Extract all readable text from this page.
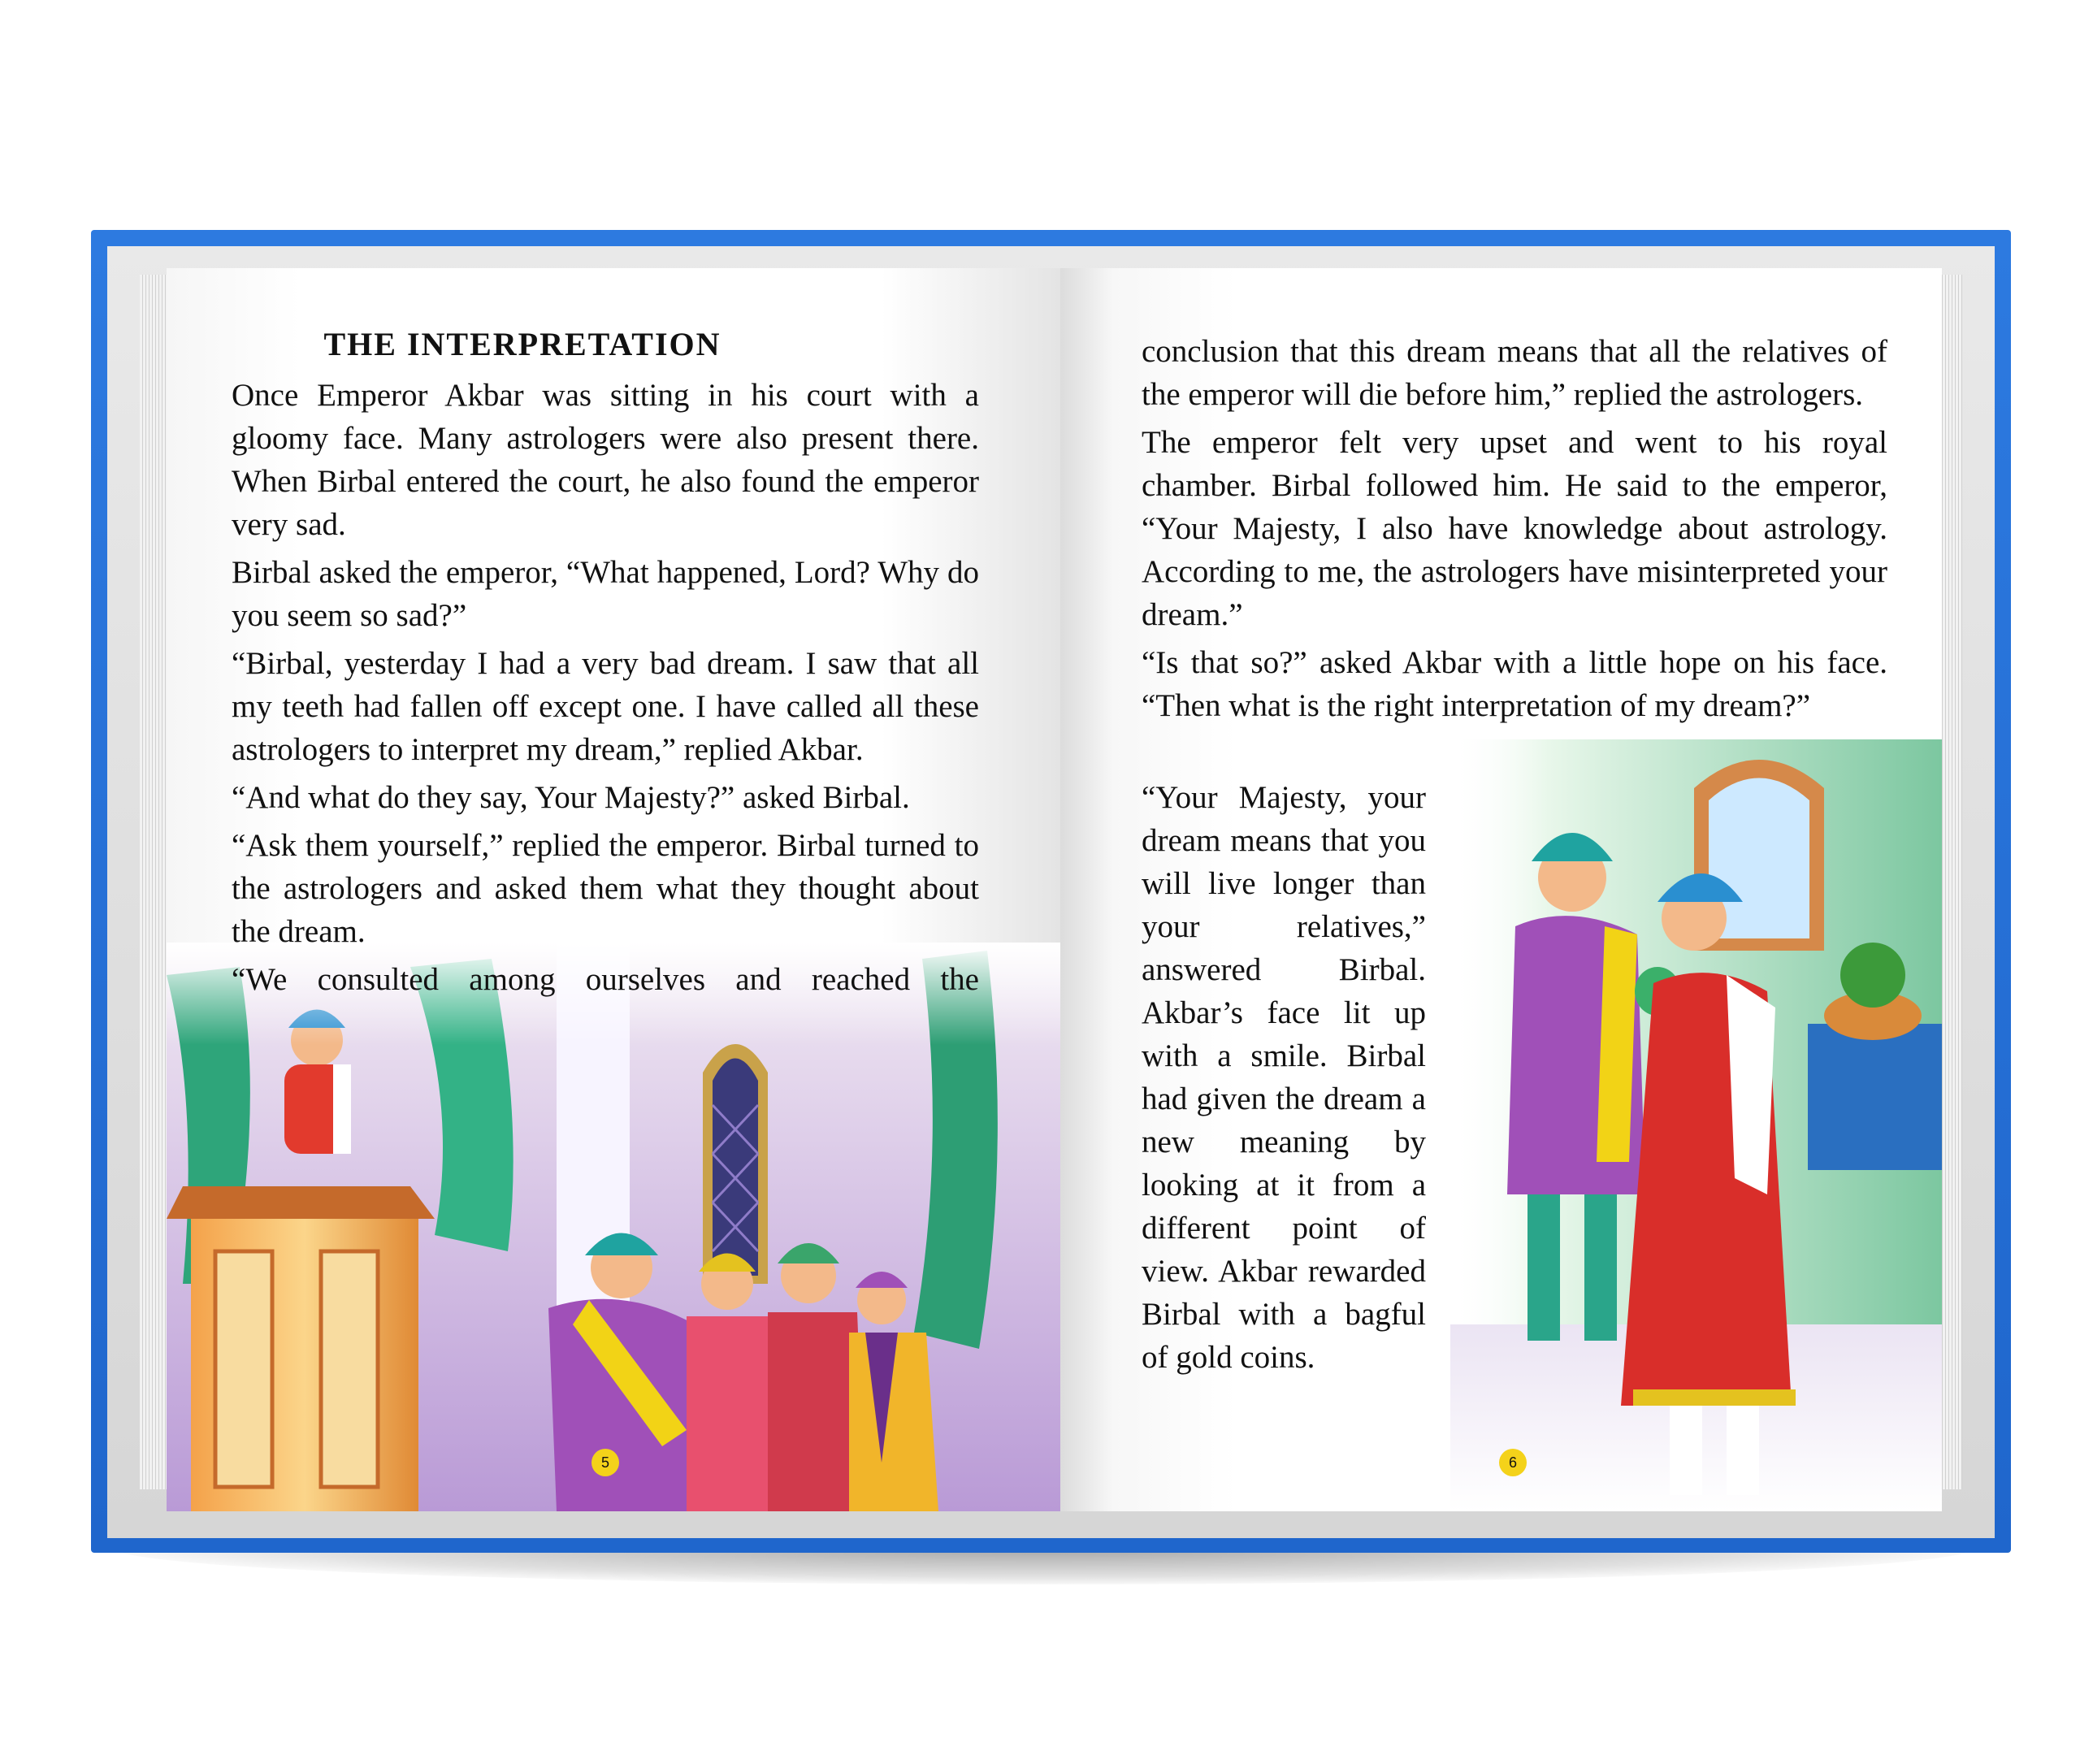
5	6
THE INTERPRETATION

Once Emperor Akbar was sitting in his court with a gloomy face. Many astrologers were also present there. When Birbal entered the court, he also found the emperor very sad.

Birbal asked the emperor, “What happened, Lord? Why do you seem so sad?”

“Birbal, yesterday I had a very bad dream. I saw that all my teeth had fallen off except one. I have called all these astrologers to interpret my dream,” replied Akbar.

“And what do they say, Your Majesty?” asked Birbal.

“Ask them yourself,” replied the emperor. Birbal turned to the astrologers and asked them what they thought about the dream.

“We consulted among ourselves and reached the

conclusion that this dream means that all the relatives of the emperor will die before him,” replied the astrologers.

The emperor felt very upset and went to his royal chamber. Birbal followed him. He said to the emperor, “Your Majesty, I also have knowledge about astrology. According to me, the astrologers have misinterpreted your dream.”

“Is that so?” asked Akbar with a little hope on his face. “Then what is the right interpretation of my dream?”

“Your Majesty, your dream means that you will live longer than your relatives,” answered Birbal. Akbar’s face lit up with a smile. Birbal had given the dream a new meaning by looking at it from a different point of view. Akbar rewarded Birbal with a bagful of gold coins.
